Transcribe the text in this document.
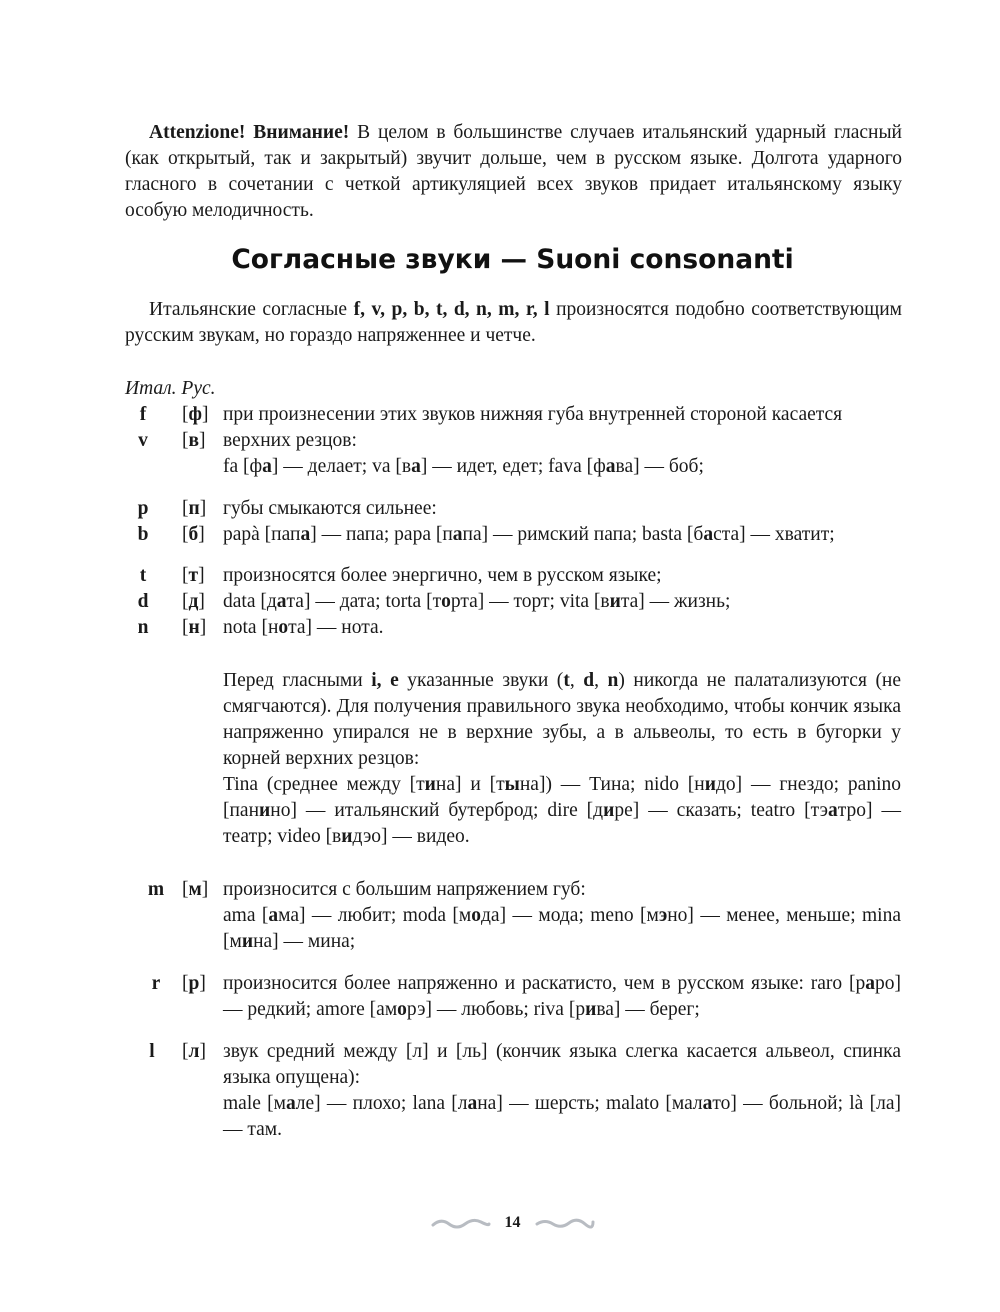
Attenzione! Внимание! В целом в большинстве случаев итальянский ударный гласный (как открытый, так и закрытый) звучит дольше, чем в русском языке. Долгота ударного гласного в сочетании с четкой артикуляцией всех звуков придает итальянскому языку особую мелодичность.

Согласные звуки — Suoni consonanti

Итальянские согласные f, v, p, b, t, d, n, m, r, l произносятся подобно соответствующим русским звукам, но гораздо напряженнее и четче.

Итал. Рус.
f	[ф] при произнесении этих звуков нижняя губа внутренней стороной касается
v	[в] верхних резцов:
fa [фа] — делает; va [ва] — идет, едет; fava [фава] — боб;
p	[п] губы смыкаются сильнее:
b	[б] papà [папа] — папа; papa [папа] — римский папа; basta [баста] — хватит;
t	[т] произносятся более энергично, чем в русском языке;
d	[д] data [дата] — дата; torta [торта] — торт; vita [вита] — жизнь;
n	[н] nota [нота] — нота.

Перед гласными i, e указанные звуки (t, d, n) никогда не палатализуются (не смягчаются). Для получения правильного звука необходимо, чтобы кончик языка напряженно упирался не в верхние зубы, а в альвеолы, то есть в бугорки у корней верхних резцов:
Tina (среднее между [тина] и [тына]) — Тина; nido [нидо] — гнездо; panino [панино] — итальянский бутерброд; dire [дире] — сказать; teatro [тэатро] — театр; video [видэо] — видео.

m [м] произносится с большим напряжением губ:
ama [ама] — любит; moda [мода] — мода; meno [мэно] — менее, меньше; mina [мина] — мина;

r	[р] произносится более напряженно и раскатисто, чем в русском языке: raro [раро] — редкий; amore [аморэ] — любовь; riva [рива] — берег;

l	[л] звук средний между [л] и [ль] (кончик языка слегка касается альвеол, спинка языка опущена):
male [мале] — плохо; lana [лана] — шерсть; malato [малато] — больной; là [ла] — там.

14
